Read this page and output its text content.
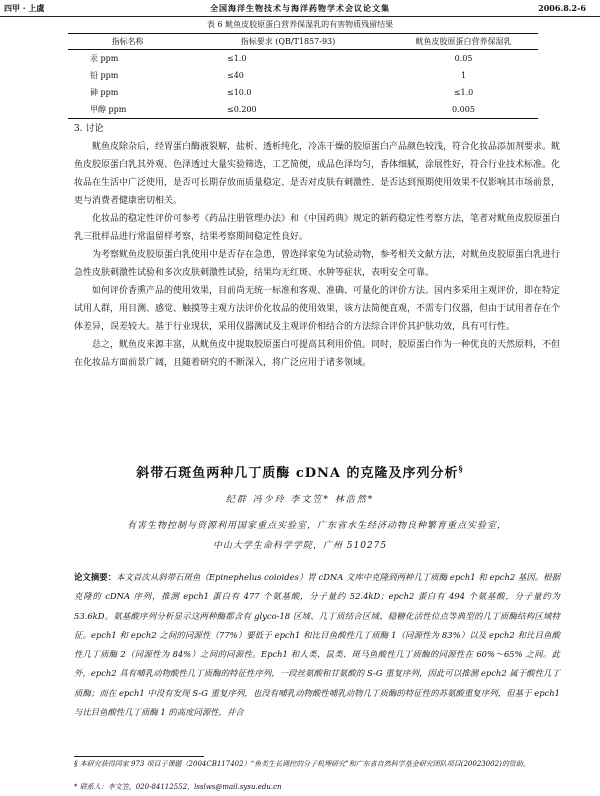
四甲 · 上虞	全国海洋生物技术与海洋药物学术会议论文集	2006.8.2-6
表 6 鱿鱼皮胶原蛋白营养保湿乳的有害物质残留结果
指标名称	指标要求 (QB/T1857-93)	鱿鱼皮胶原蛋白营养保湿乳
汞 ppm	≤1.0	0.05
铅 ppm	≤40	1
砷 ppm	≤10.0	≤1.0
甲醇 ppm	≤0.200	0.005
3. 讨论

鱿鱼皮除杂后，经胃蛋白酶液裂解，盐析、透析纯化，冷冻干燥的胶原蛋白产品颜色较浅，符合化妆品添加剂要求。鱿鱼皮胶原蛋白乳其外观、色泽透过大量实验筛选，工艺简便，成品色泽均匀，香体细腻，涂展性好，符合行业技术标准。化妆品在生活中广泛使用，是否可长期存放而质量稳定、是否对皮肤有刺激性、是否达到预期使用效果不仅影响其市场前景，更与消费者健康密切相关。

化妆品的稳定性评价可参考《药品注册管理办法》和《中国药典》规定的新药稳定性考察方法，笔者对鱿鱼皮胶原蛋白乳三批样品进行常温留样考察，结果考察期间稳定性良好。

为考察鱿鱼皮胶原蛋白乳使用中是否存在急患，曾选择家兔为试验动物，参考相关文献方法，对鱿鱼皮胶原蛋白乳进行急性皮肤刺激性试验和多次皮肤刺激性试验，结果均无红斑、水肿等症状，表明安全可靠。

如何评价香熏产品的使用效果，目前尚无统一标准和客观、准确、可量化的评价方法。国内多采用主观评价，即在特定试用人群，用目测、感觉、触摸等主观方法评价化妆品的使用效果，该方法简便直观，不需专门仪器，但由于试用者存在个体差异，误差较大。基于行业现状，采用仪器测试及主观评价相结合的方法综合评价其护肤功效，具有可行性。

总之，鱿鱼皮来源丰富，从鱿鱼皮中提取胶原蛋白可提高其利用价值。同时，胶原蛋白作为一种优良的天然原料，不但在化妆品方面前景广阔，且随着研究的不断深入，将广泛应用于诸多领域。

斜带石斑鱼两种几丁质酶 cDNA 的克隆及序列分析§
纪群 冯少玲 李文笠* 林浩然*
有害生物控制与资源利用国家重点实验室，广东省水生经济动物良种繁育重点实验室，
中山大学生命科学学院，广州 510275
论文摘要：本文首次从斜带石斑鱼（Epinephelus coioides）胃 cDNA 文库中克隆到两种几丁质酶 epch1 和 epch2 基因。根据克隆的 cDNA 序列，推测 epch1 蛋白有 477 个氨基酸，分子量约 52.4kD；epch2 蛋白有 494 个氨基酸，分子量约为 53.6kD。氨基酸序列分析显示这两种酶都含有 glyco-18 区域、几丁质结合区域、稳糖化活性位点等典型的几丁质酶结构区域特征。epch1 和 epch2 之间的同源性（77%）要低于 epch1 和比目鱼酸性几丁质酶 1（同源性为 83%）以及 epch2 和比目鱼酸性几丁质酶 2（同源性为 84%）之间的同源性。Epch1 和人类、鼠类、斑马鱼酸性几丁质酶的同源性在 60%～65% 之间。此外，epch2 具有哺乳动物酸性几丁质酶的特征性序列，一段丝氨酸和甘氨酸的 S-G 重复序列，因此可以推测 epch2 属于酸性几丁质酶；而在 epch1 中没有发现 S-G 重复序列，也没有哺乳动物酸性哺乳动物几丁质酶的特征性的苏氨酸重复序列，但基于 epch1 与比目鱼酸性几丁质酶 1 的高度同源性，并合
§ 本研究获得国家 973 项目子课题（2004CB117402）“鱼类生长调控的分子机理研究”和广东省自然科学基金研究团队项目(20023002)的资助。
* 联系人：李文笠，020-84112552，lsslws@mail.sysu.edu.cn
